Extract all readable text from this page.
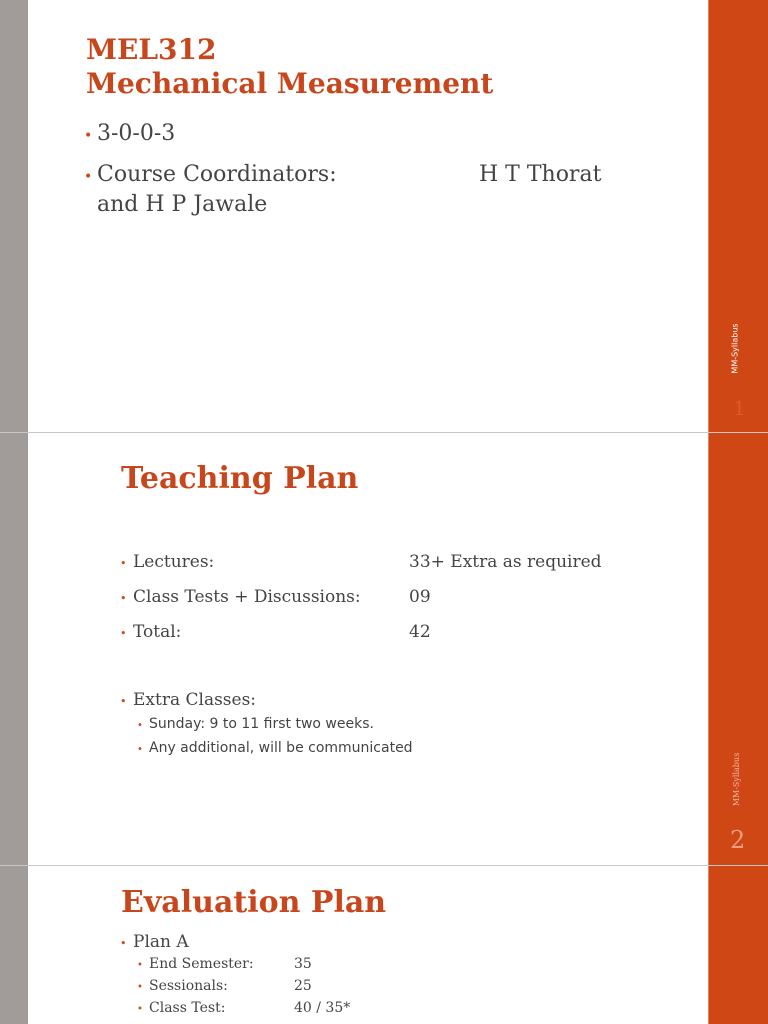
MM-Syllabus
1
MEL312
Mechanical Measurement
• 3-0-0-3
• Course Coordinators:	H T Thorat
and H P Jawale
MM-Syllabus
2
Teaching Plan
• Lectures:	33+ Extra as required
• Class Tests + Discussions:	09
• Total:	42
• Extra Classes:
• Sunday: 9 to 11 first two weeks.
• Any additional, will be communicated
Evaluation Plan
• Plan A
• End Semester:	35
• Sessionals:	25
• Class Test:	40 / 35*
